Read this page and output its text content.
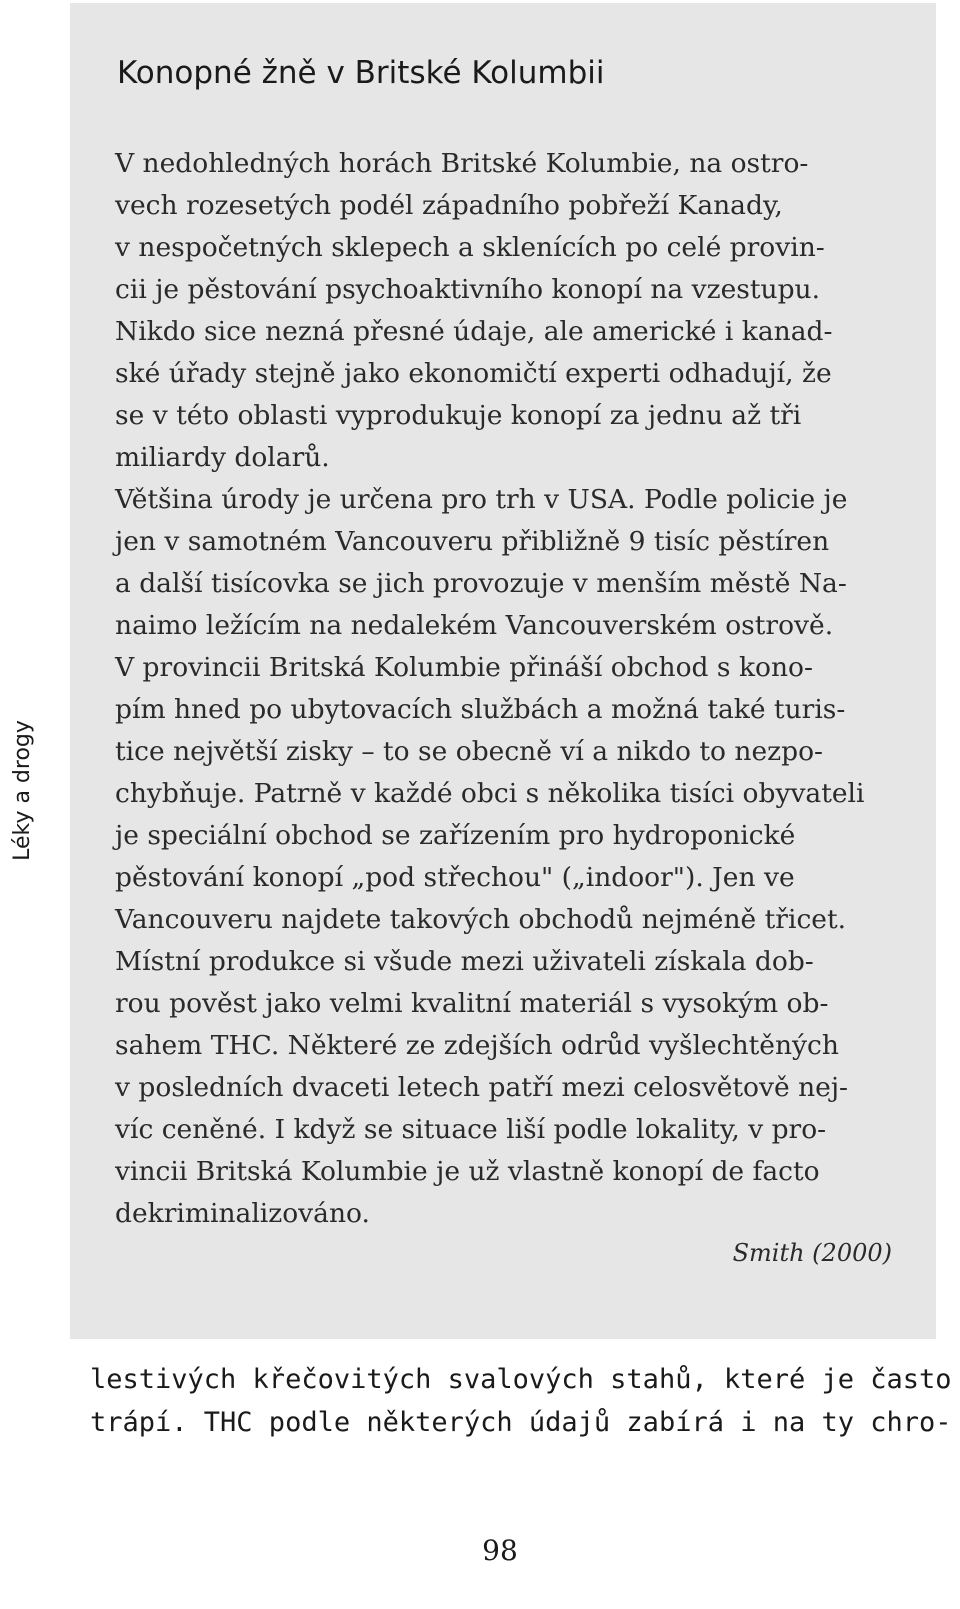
Léky a drogy
Konopné žně v Britské Kolumbii
V nedohledných horách Britské Kolumbie, na ostro-
vech rozesetých podél západního pobřeží Kanady,
v nespočetných sklepech a sklenících po celé provin-
cii je pěstování psychoaktivního konopí na vzestupu.
Nikdo sice nezná přesné údaje, ale americké i kanad-
ské úřady stejně jako ekonomičtí experti odhadují, že
se v této oblasti vyprodukuje konopí za jednu až tři
miliardy dolarů.
Většina úrody je určena pro trh v USA. Podle policie je
jen v samotném Vancouveru přibližně 9 tisíc pěstíren
a další tisícovka se jich provozuje v menším městě Na-
naimo ležícím na nedalekém Vancouverském ostrově.
V provincii Britská Kolumbie přináší obchod s kono-
pím hned po ubytovacích službách a možná také turis-
tice největší zisky – to se obecně ví a nikdo to nezpo-
chybňuje. Patrně v každé obci s několika tisíci obyvateli
je speciální obchod se zařízením pro hydroponické
pěstování konopí „pod střechou" („indoor"). Jen ve
Vancouveru najdete takových obchodů nejméně třicet.
Místní produkce si všude mezi uživateli získala dob-
rou pověst jako velmi kvalitní materiál s vysokým ob-
sahem THC. Některé ze zdejších odrůd vyšlechtěných
v posledních dvaceti letech patří mezi celosvětově nej-
víc ceněné. I když se situace liší podle lokality, v pro-
vincii Britská Kolumbie je už vlastně konopí de facto
dekriminalizováno.
Smith (2000)
lestivých křečovitých svalových stahů, které je často
trápí. THC podle některých údajů zabírá i na ty chro-
98
